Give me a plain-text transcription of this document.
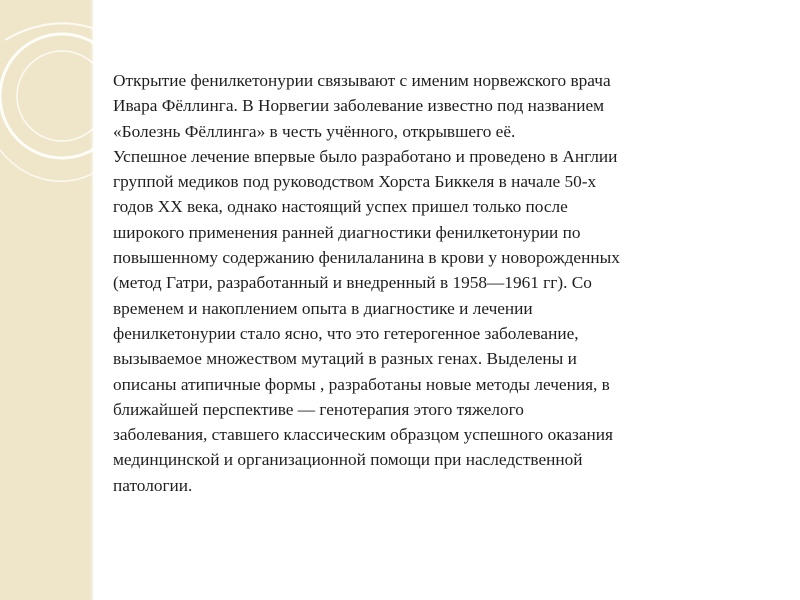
Открытие фенилкетонурии связывают с именим норвежского врача
Ивара Фёллинга. В Норвегии заболевание известно под названием
«Болезнь Фёллинга» в честь учённого, открывшего её.

Успешное лечение впервые было разработано и проведено в Англии
группой медиков под руководством Хорста Биккеля в начале 50-х
годов XX века, однако настоящий успех пришел только после
широкого применения ранней диагностики фенилкетонурии по
повышенному содержанию фенилаланина в крови у новорожденных
(метод Гатри, разработанный и внедренный в 1958—1961 гг). Со
временем и накоплением опыта в диагностике и лечении
фенилкетонурии стало ясно, что это гетерогенное заболевание,
вызываемое множеством мутаций в разных генах. Выделены и
описаны атипичные формы , разработаны новые методы лечения, в
ближайшей перспективе — генотерапия этого тяжелого
заболевания, ставшего классическим образцом успешного оказания
мединцинской и организационной помощи при наследственной
патологии.
